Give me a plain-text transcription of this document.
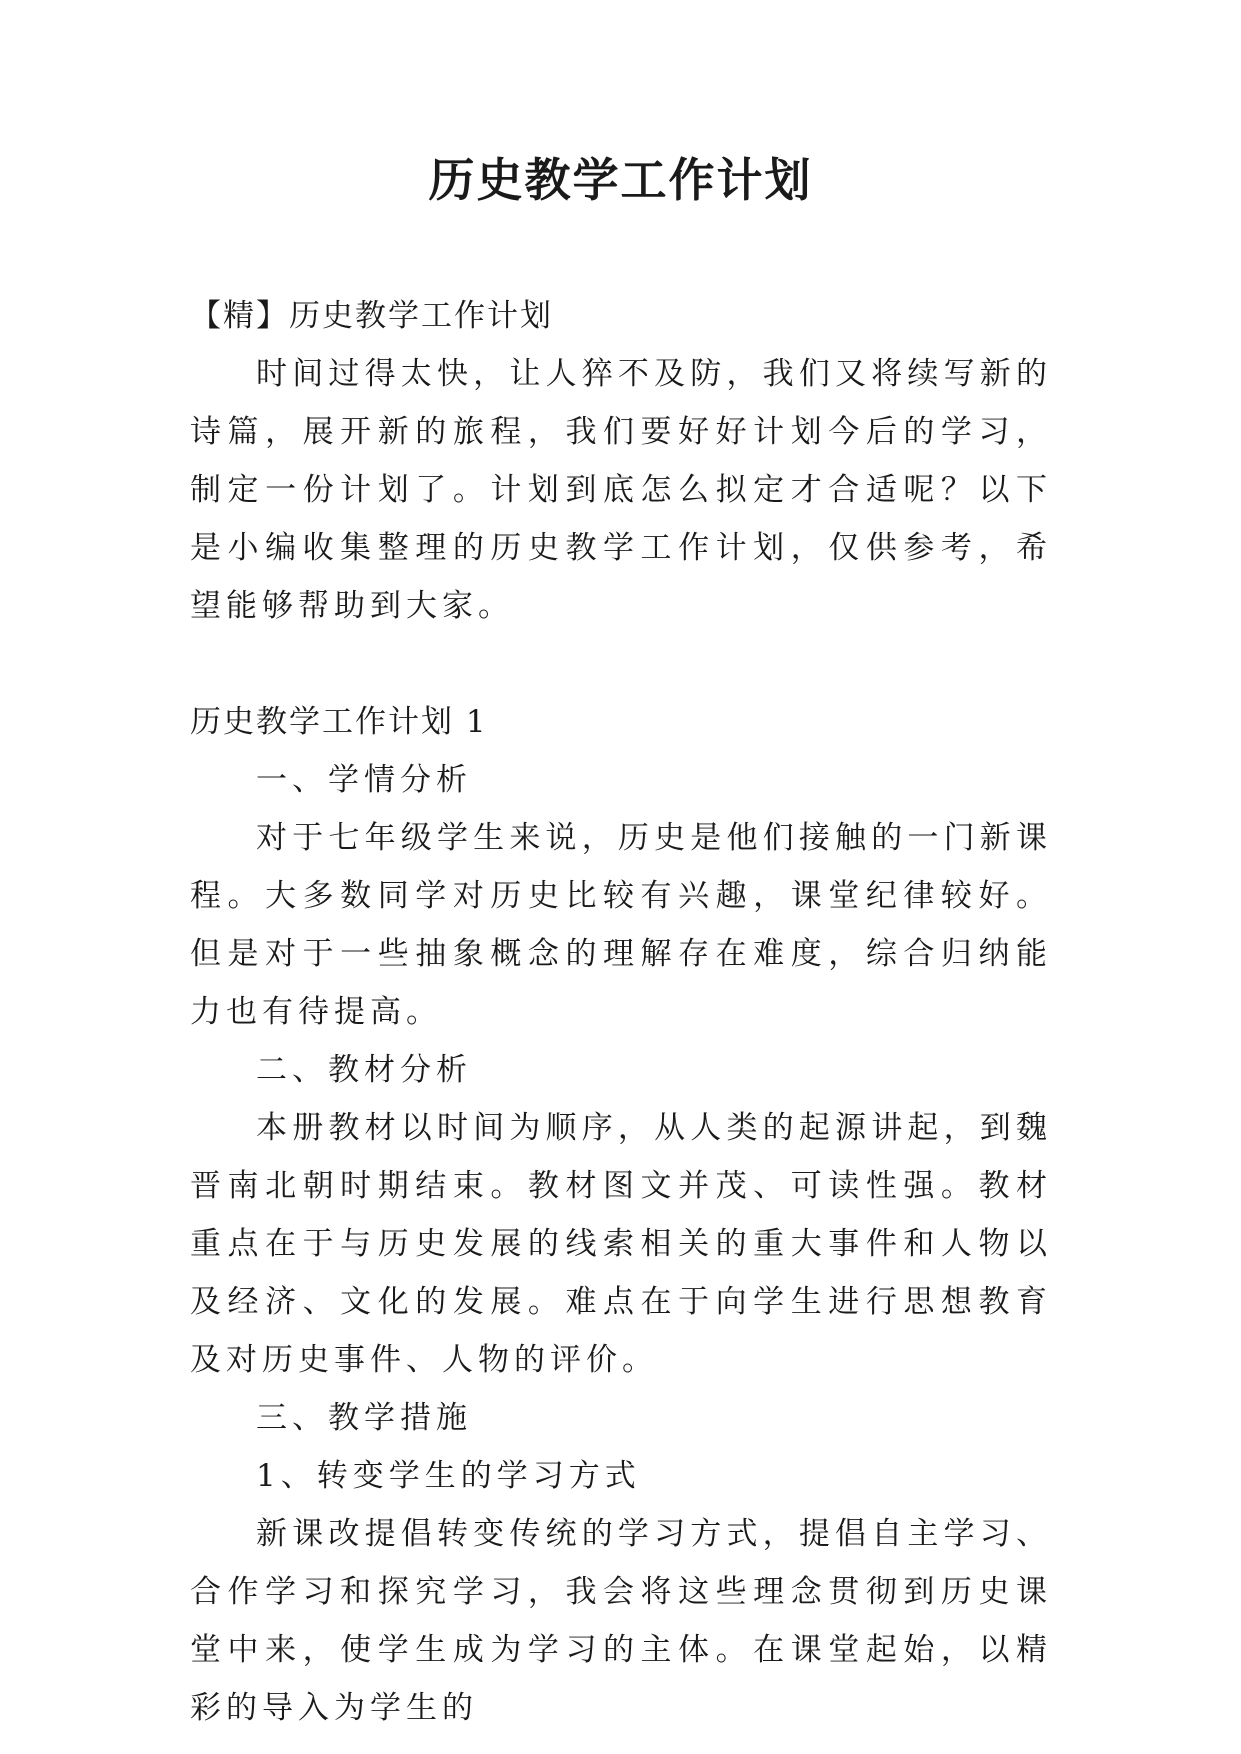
历史教学工作计划

【精】历史教学工作计划

时间过得太快，让人猝不及防，我们又将续写新的诗篇，展开新的旅程，我们要好好计划今后的学习，制定一份计划了。计划到底怎么拟定才合适呢？以下是小编收集整理的历史教学工作计划，仅供参考，希望能够帮助到大家。

历史教学工作计划 1

一、学情分析

对于七年级学生来说，历史是他们接触的一门新课程。大多数同学对历史比较有兴趣，课堂纪律较好。但是对于一些抽象概念的理解存在难度，综合归纳能力也有待提高。

二、教材分析

本册教材以时间为顺序，从人类的起源讲起，到魏晋南北朝时期结束。教材图文并茂、可读性强。教材重点在于与历史发展的线索相关的重大事件和人物以及经济、文化的发展。难点在于向学生进行思想教育及对历史事件、人物的评价。

三、教学措施

1、转变学生的学习方式

新课改提倡转变传统的学习方式，提倡自主学习、合作学习和探究学习，我会将这些理念贯彻到历史课堂中来，使学生成为学习的主体。在课堂起始，以精彩的导入为学生的
